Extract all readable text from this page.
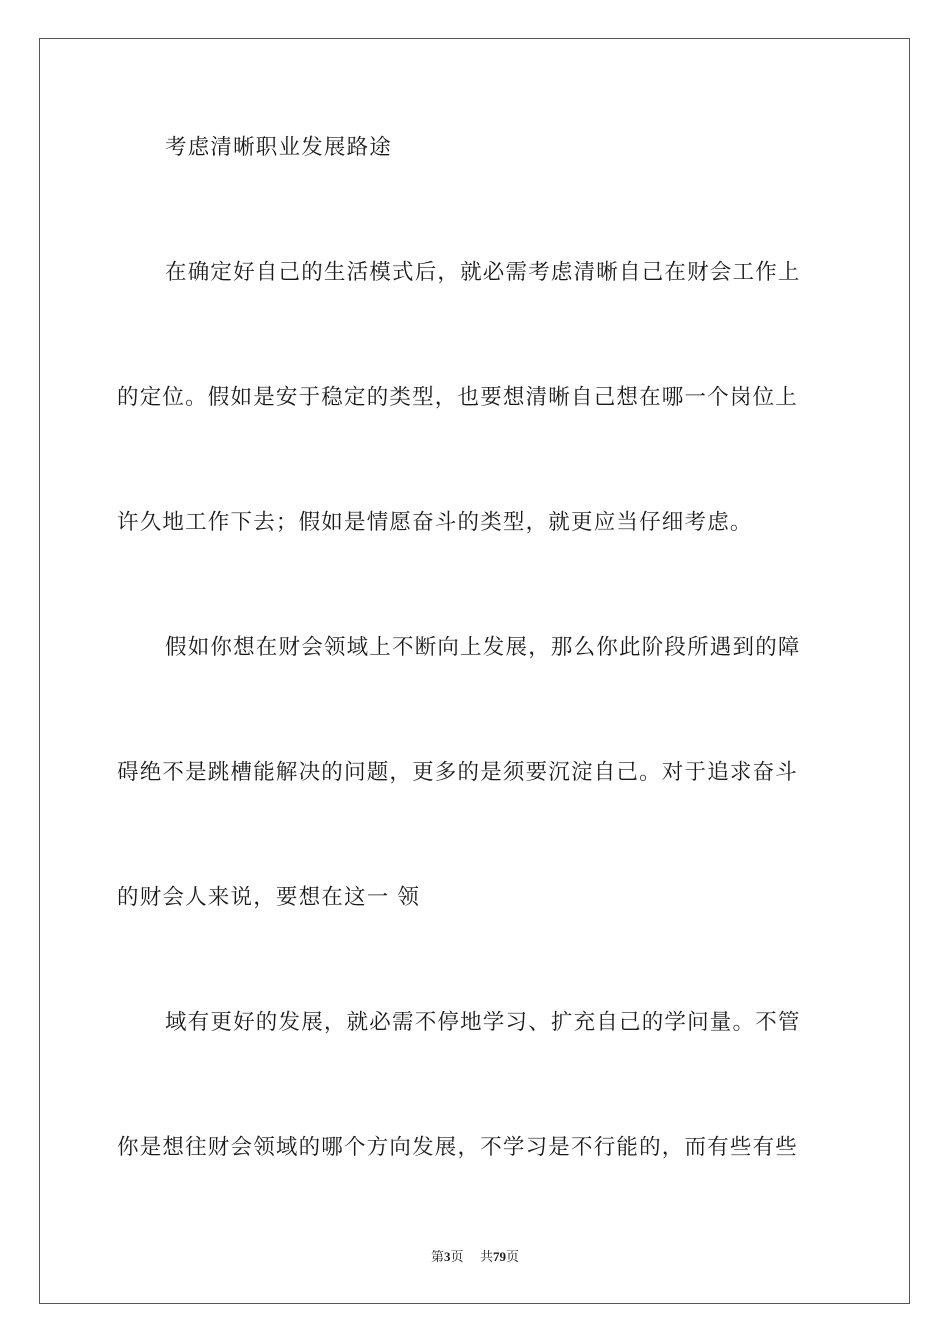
考虑清晰职业发展路途
在确定好自己的生活模式后，就必需考虑清晰自己在财会工作上
的定位。假如是安于稳定的类型，也要想清晰自己想在哪一个岗位上
许久地工作下去；假如是情愿奋斗的类型，就更应当仔细考虑。
假如你想在财会领域上不断向上发展，那么你此阶段所遇到的障
碍绝不是跳槽能解决的问题，更多的是须要沉淀自己。对于追求奋斗
的财会人来说，要想在这一 领
域有更好的发展，就必需不停地学习、扩充自己的学问量。不管
你是想往财会领域的哪个方向发展，不学习是不行能的，而有些有些
第3页 共79页
